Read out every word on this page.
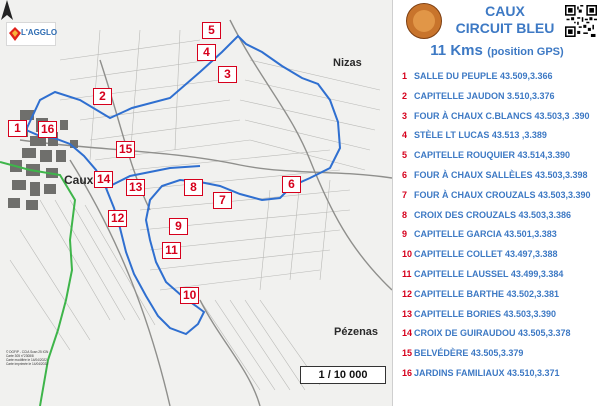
L'AGGLO
Caux
Nizas
Pézenas
1
2
3
4
5
6
7
8
9
10
11
12
13
14
15
16
© DGFIP - CCIA Scan 25 IGN
Carte 305 n°2308/8
Carte modifiée le 14/04/2022
Carte imprimée le 14/04/2022
1 / 10 000
CAUX
CIRCUIT BLEU
11 Kms (position GPS)
1 SALLE DU PEUPLE 43.509,3.366
2 CAPITELLE JAUDON 3.510,3.376
3 FOUR À CHAUX C.BLANCS 43.503,3 .390
4 STÈLE LT LUCAS 43.513 ,3.389
5 CAPITELLE ROUQUIER 43.514,3.390
6 FOUR À CHAUX SALLÈLES 43.503,3.398
7 FOUR À CHAUX CROUZALS 43.503,3.390
8 CROIX DES CROUZALS 43.503,3.386
9 CAPITELLE GARCIA 43.501,3.383
10 CAPITELLE COLLET 43.497,3.388
11 CAPITELLE LAUSSEL 43.499,3.384
12 CAPITELLE BARTHE 43.502,3.381
13 CAPITELLE BORIES 43.503,3.390
14 CROIX DE GUIRAUDOU 43.505,3.378
15 BELVÉDÈRE 43.505,3.379
16 JARDINS FAMILIAUX 43.510,3.371
